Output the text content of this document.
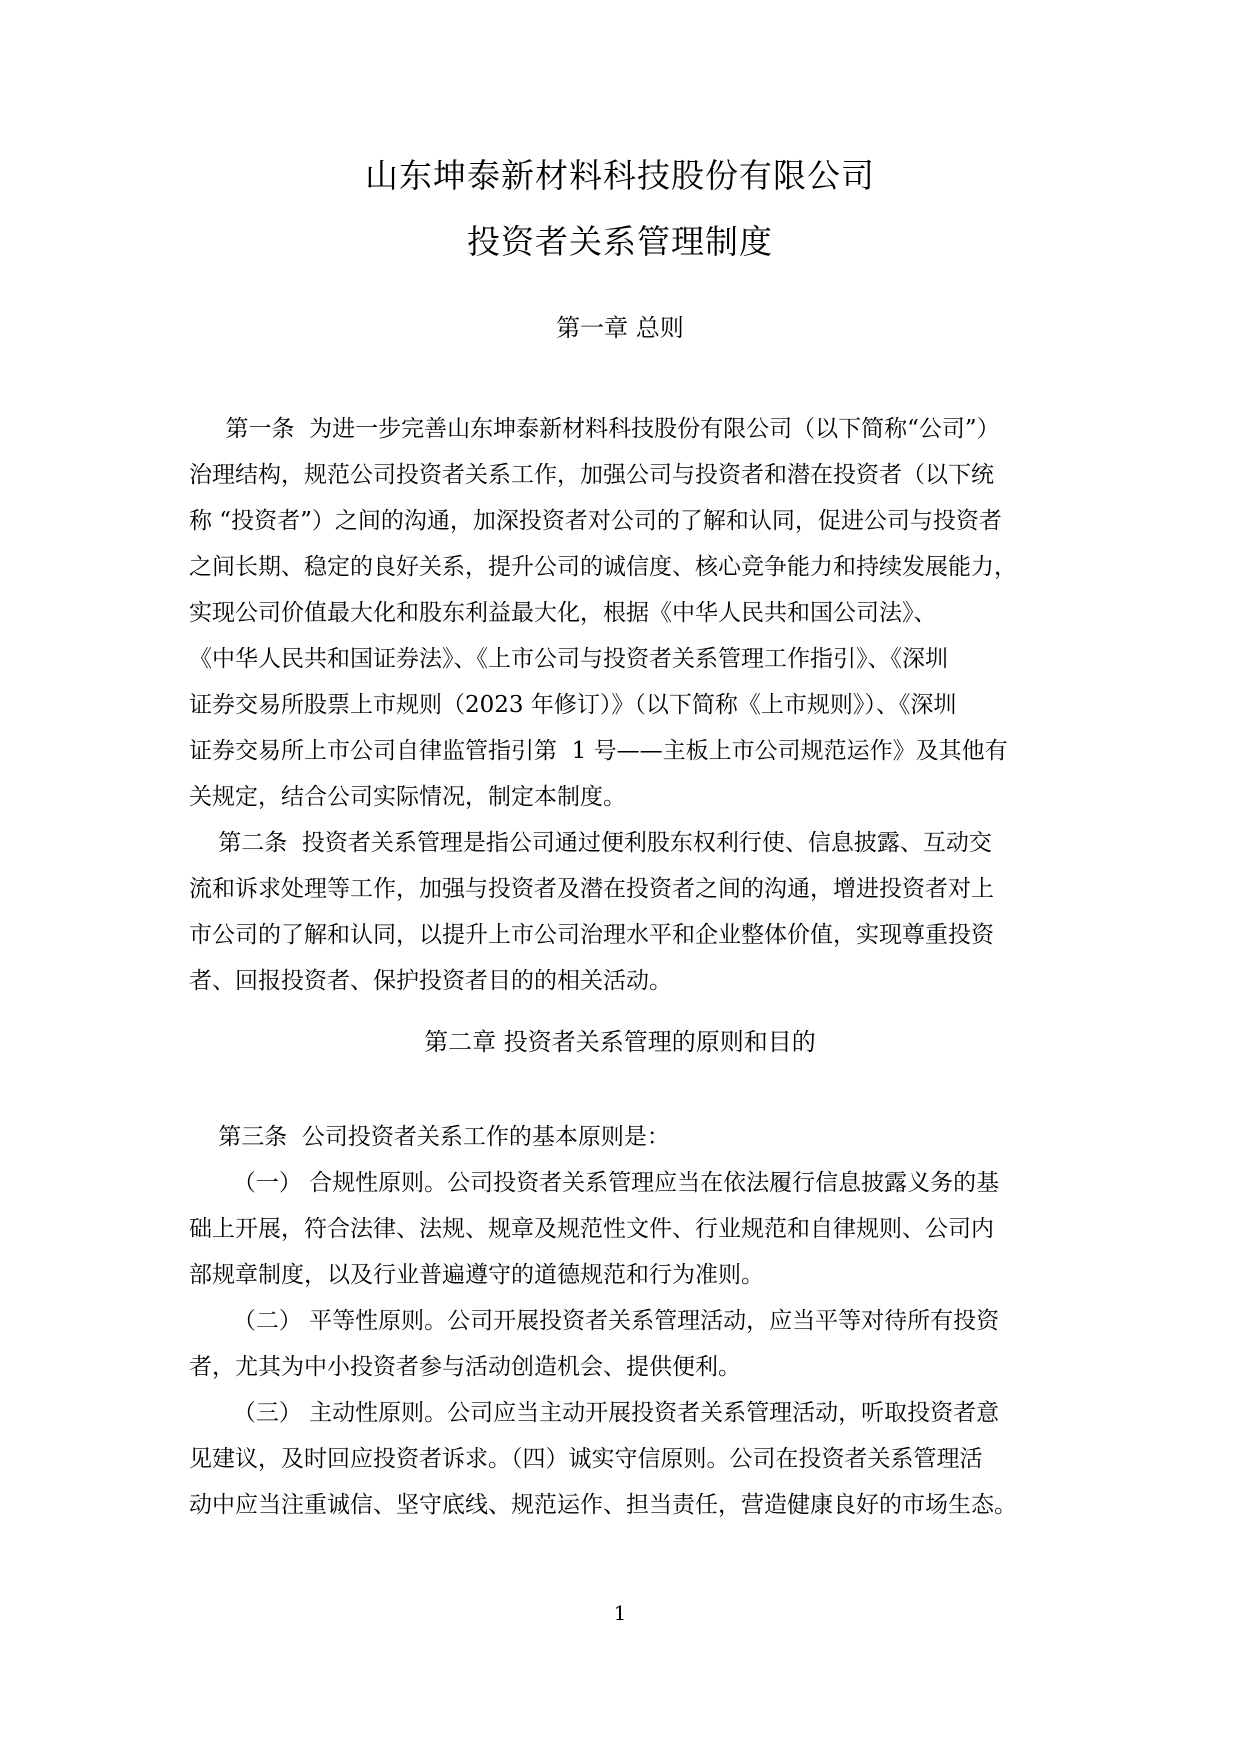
山东坤泰新材料科技股份有限公司
投资者关系管理制度
第一章 总则
第一条  为进一步完善山东坤泰新材料科技股份有限公司（以下简称“公司”）
治理结构，规范公司投资者关系工作，加强公司与投资者和潜在投资者（以下统
称 “投资者”）之间的沟通，加深投资者对公司的了解和认同，促进公司与投资者
之间长期、稳定的良好关系，提升公司的诚信度、核心竞争能力和持续发展能力，
实现公司价值最大化和股东利益最大化，根据《中华人民共和国公司法》、
《中华人民共和国证券法》、《上市公司与投资者关系管理工作指引》、《深圳
证券交易所股票上市规则（2023 年修订）》（以下简称《上市规则》）、《深圳
证券交易所上市公司自律监管指引第  1 号——主板上市公司规范运作》及其他有
关规定，结合公司实际情况，制定本制度。
第二条  投资者关系管理是指公司通过便利股东权利行使、信息披露、互动交
流和诉求处理等工作，加强与投资者及潜在投资者之间的沟通，增进投资者对上
市公司的了解和认同，以提升上市公司治理水平和企业整体价值，实现尊重投资
者、回报投资者、保护投资者目的的相关活动。
第二章 投资者关系管理的原则和目的
第三条  公司投资者关系工作的基本原则是：
（一） 合规性原则。公司投资者关系管理应当在依法履行信息披露义务的基
础上开展，符合法律、法规、规章及规范性文件、行业规范和自律规则、公司内
部规章制度，以及行业普遍遵守的道德规范和行为准则。
（二） 平等性原则。公司开展投资者关系管理活动，应当平等对待所有投资
者，尤其为中小投资者参与活动创造机会、提供便利。
（三） 主动性原则。公司应当主动开展投资者关系管理活动，听取投资者意
见建议，及时回应投资者诉求。（四）诚实守信原则。公司在投资者关系管理活
动中应当注重诚信、坚守底线、规范运作、担当责任，营造健康良好的市场生态。
1
